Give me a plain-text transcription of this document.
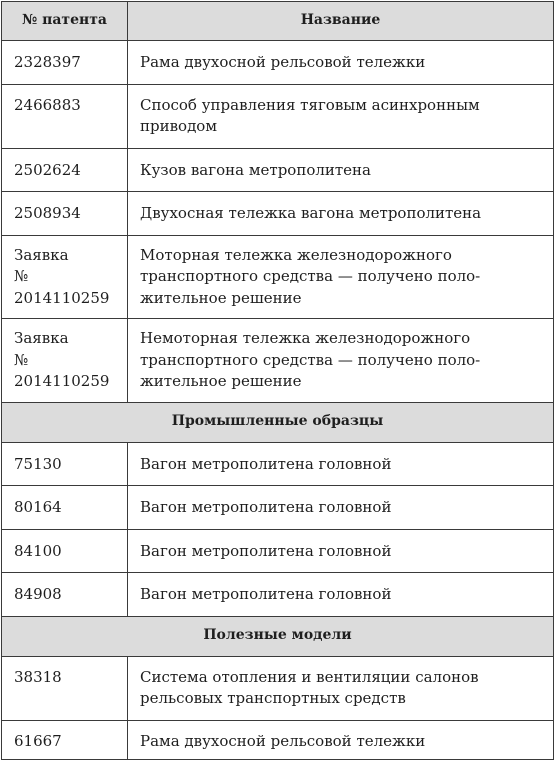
№ патента	Название

2328397	Рама двухосной рельсовой тележки

2466883	Способ управления тяговым асинхронным
приводом

2502624	Кузов вагона метрополитена

2508934	Двухосная тележка вагона метрополитена

Заявка
№ 2014110259	Моторная тележка железнодорожного
транспортного средства — получено поло-
жительное решение

Заявка
№ 2014110259	Немоторная тележка железнодорожного
транспортного средства — получено поло-
жительное решение

Промышленные образцы	

75130	Вагон метрополитена головной

80164	Вагон метрополитена головной

84100	Вагон метрополитена головной

84908	Вагон метрополитена головной

Полезные модели	

38318	Система отопления и вентиляции салонов
рельсовых транспортных средств

61667	Рама двухосной рельсовой тележки
